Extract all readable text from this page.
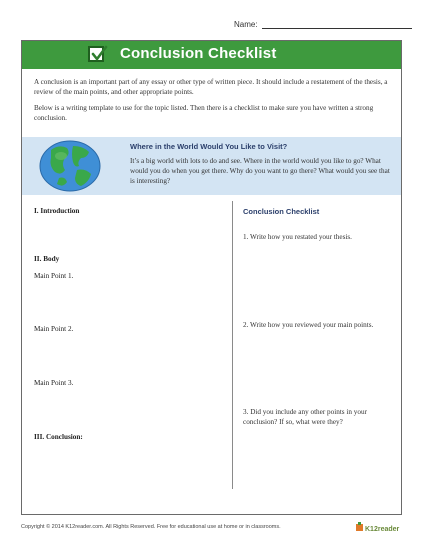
Name:
Conclusion Checklist

A conclusion is an important part of any essay or other type of written piece. It should include a restatement of the thesis, a review of the main points, and other appropriate points.

Below is a writing template to use for the topic listed. Then there is a checklist to make sure you have written a strong conclusion.

Where in the World Would You Like to Visit?
It’s a big world with lots to do and see. Where in the world would you like to go? What would you do when you get there. Why do you want to go there? What would you see that is interesting?
I. Introduction
II. Body
Main Point 1.
Main Point 2.
Main Point 3.
III. Conclusion:
Conclusion Checklist
1. Write how you restated your thesis.
2. Write how you reviewed your main points.
3. Did you include any other points in your conclusion? If so, what were they?
Copyright © 2014 K12reader.com. All Rights Reserved. Free for educational use at home or in classrooms.	K12reader
